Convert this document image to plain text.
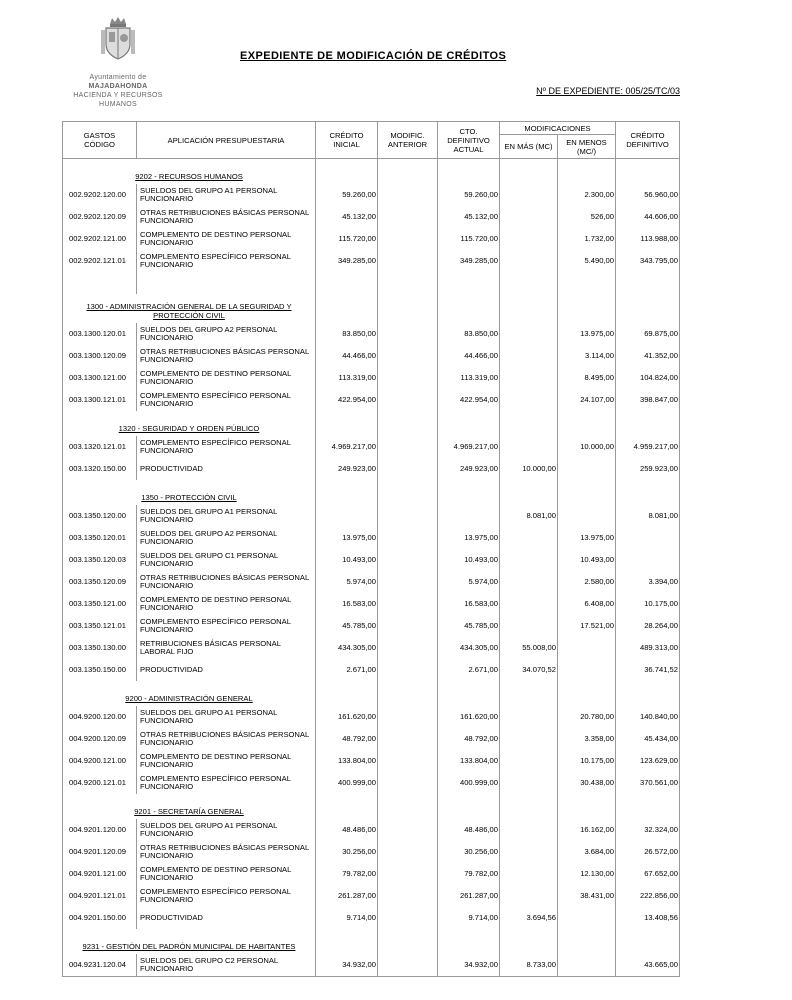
Ayuntamiento de
MAJADAHONDA
HACIENDA Y RECURSOS
HUMANOS
EXPEDIENTE DE MODIFICACIÓN DE CRÉDITOS
Nº DE EXPEDIENTE: 005/25/TC/03
GASTOS CÓDIGO	APLICACIÓN PRESUPUESTARIA	CRÉDITO INICIAL	MODIFIC. ANTERIOR	CTO. DEFINITIVO ACTUAL	MODIFICACIONES		CRÉDITO DEFINITIVO
					EN MÁS (MC)	EN MENOS (MC/)	
9202 - RECURSOS HUMANOS							
002.9202.120.00	SUELDOS DEL GRUPO A1 PERSONAL FUNCIONARIO	59.260,00		59.260,00		2.300,00	56.960,00
002.9202.120.09	OTRAS RETRIBUCIONES BÁSICAS PERSONAL FUNCIONARIO	45.132,00		45.132,00		526,00	44.606,00
002.9202.121.00	COMPLEMENTO DE DESTINO PERSONAL FUNCIONARIO	115.720,00		115.720,00		1.732,00	113.988,00
002.9202.121.01	COMPLEMENTO ESPECÍFICO PERSONAL FUNCIONARIO	349.285,00		349.285,00		5.490,00	343.795,00

1300 - ADMINISTRACIÓN GENERAL DE LA SEGURIDAD Y PROTECCIÓN CIVIL							
003.1300.120.01	SUELDOS DEL GRUPO A2 PERSONAL FUNCIONARIO	83.850,00		83.850,00		13.975,00	69.875,00
003.1300.120.09	OTRAS RETRIBUCIONES BÁSICAS PERSONAL FUNCIONARIO	44.466,00		44.466,00		3.114,00	41.352,00
003.1300.121.00	COMPLEMENTO DE DESTINO PERSONAL FUNCIONARIO	113.319,00		113.319,00		8.495,00	104.824,00
003.1300.121.01	COMPLEMENTO ESPECÍFICO PERSONAL FUNCIONARIO	422.954,00		422.954,00		24.107,00	398.847,00
1320 - SEGURIDAD Y ORDEN PÚBLICO							
003.1320.121.01	COMPLEMENTO ESPECÍFICO PERSONAL FUNCIONARIO	4.969.217,00		4.969.217,00		10.000,00	4.959.217,00
003.1320.150.00	PRODUCTIVIDAD	249.923,00		249.923,00	10.000,00		259.923,00
1350 - PROTECCIÓN CIVIL							
003.1350.120.00	SUELDOS DEL GRUPO A1 PERSONAL FUNCIONARIO				8.081,00		8.081,00
003.1350.120.01	SUELDOS DEL GRUPO A2 PERSONAL FUNCIONARIO	13.975,00		13.975,00		13.975,00	
003.1350.120.03	SUELDOS DEL GRUPO C1 PERSONAL FUNCIONARIO	10.493,00		10.493,00		10.493,00	
003.1350.120.09	OTRAS RETRIBUCIONES BÁSICAS PERSONAL FUNCIONARIO	5.974,00		5.974,00		2.580,00	3.394,00
003.1350.121.00	COMPLEMENTO DE DESTINO PERSONAL FUNCIONARIO	16.583,00		16.583,00		6.408,00	10.175,00
003.1350.121.01	COMPLEMENTO ESPECÍFICO PERSONAL FUNCIONARIO	45.785,00		45.785,00		17.521,00	28.264,00
003.1350.130.00	RETRIBUCIONES BÁSICAS PERSONAL LABORAL FIJO	434.305,00		434.305,00	55.008,00		489.313,00
003.1350.150.00	PRODUCTIVIDAD	2.671,00		2.671,00	34.070,52		36.741,52
9200 - ADMINISTRACIÓN GENERAL							
004.9200.120.00	SUELDOS DEL GRUPO A1 PERSONAL FUNCIONARIO	161.620,00		161.620,00		20.780,00	140.840,00
004.9200.120.09	OTRAS RETRIBUCIONES BÁSICAS PERSONAL FUNCIONARIO	48.792,00		48.792,00		3.358,00	45.434,00
004.9200.121.00	COMPLEMENTO DE DESTINO PERSONAL FUNCIONARIO	133.804,00		133.804,00		10.175,00	123.629,00
004.9200.121.01	COMPLEMENTO ESPECÍFICO PERSONAL FUNCIONARIO	400.999,00		400.999,00		30.438,00	370.561,00
9201 - SECRETARÍA GENERAL							
004.9201.120.00	SUELDOS DEL GRUPO A1 PERSONAL FUNCIONARIO	48.486,00		48.486,00		16.162,00	32.324,00
004.9201.120.09	OTRAS RETRIBUCIONES BÁSICAS PERSONAL FUNCIONARIO	30.256,00		30.256,00		3.684,00	26.572,00
004.9201.121.00	COMPLEMENTO DE DESTINO PERSONAL FUNCIONARIO	79.782,00		79.782,00		12.130,00	67.652,00
004.9201.121.01	COMPLEMENTO ESPECÍFICO PERSONAL FUNCIONARIO	261.287,00		261.287,00		38.431,00	222.856,00
004.9201.150.00	PRODUCTIVIDAD	9.714,00		9.714,00	3.694,56		13.408,56
9231 - GESTIÓN DEL PADRÓN MUNICIPAL DE HABITANTES							
004.9231.120.04	SUELDOS DEL GRUPO C2 PERSONAL FUNCIONARIO	34.932,00		34.932,00	8.733,00		43.665,00
